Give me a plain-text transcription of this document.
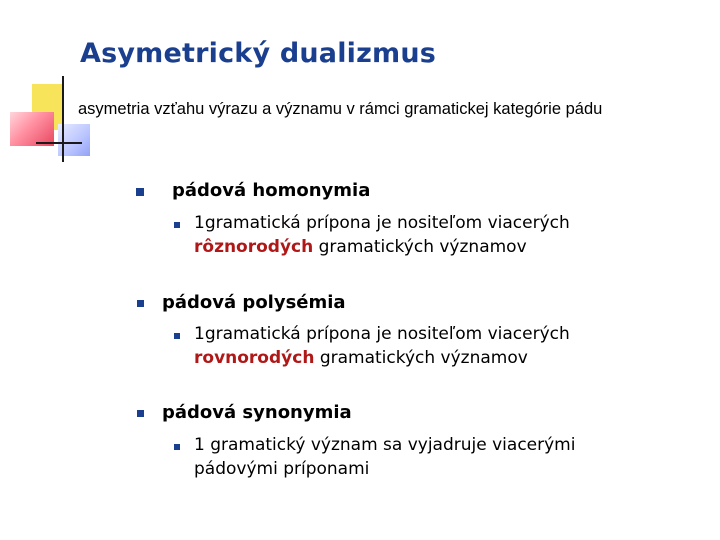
Asymetrický dualizmus
asymetria vzťahu výrazu a významu v rámci gramatickej kategórie pádu
pádová homonymia
1gramatická prípona je nositeľom viacerých
rôznorodých gramatických významov
pádová polysémia
1gramatická prípona je nositeľom viacerých
rovnorodých gramatických významov
pádová synonymia
1 gramatický význam sa vyjadruje viacerými
pádovými príponami
